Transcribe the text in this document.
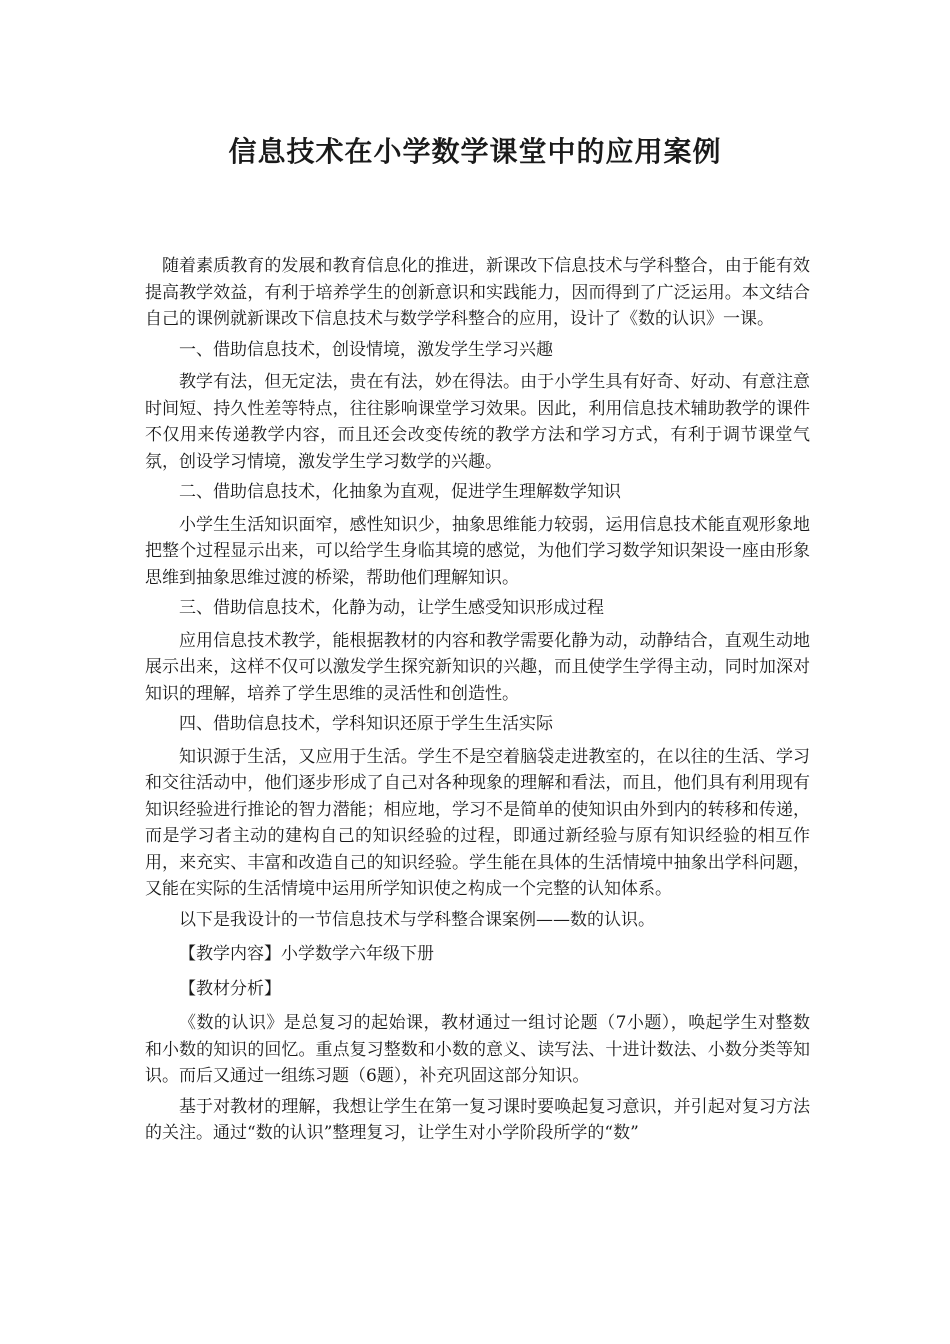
信息技术在小学数学课堂中的应用案例

随着素质教育的发展和教育信息化的推进，新课改下信息技术与学科整合，由于能有效提高教学效益，有利于培养学生的创新意识和实践能力，因而得到了广泛运用。本文结合自己的课例就新课改下信息技术与数学学科整合的应用，设计了《数的认识》一课。

一、借助信息技术，创设情境，激发学生学习兴趣

教学有法，但无定法，贵在有法，妙在得法。由于小学生具有好奇、好动、有意注意时间短、持久性差等特点，往往影响课堂学习效果。因此，利用信息技术辅助教学的课件不仅用来传递教学内容，而且还会改变传统的教学方法和学习方式，有利于调节课堂气氛，创设学习情境，激发学生学习数学的兴趣。

二、借助信息技术，化抽象为直观，促进学生理解数学知识

小学生生活知识面窄，感性知识少，抽象思维能力较弱，运用信息技术能直观形象地把整个过程显示出来，可以给学生身临其境的感觉，为他们学习数学知识架设一座由形象思维到抽象思维过渡的桥梁，帮助他们理解知识。

三、借助信息技术，化静为动，让学生感受知识形成过程

应用信息技术教学，能根据教材的内容和教学需要化静为动，动静结合，直观生动地展示出来，这样不仅可以激发学生探究新知识的兴趣，而且使学生学得主动，同时加深对知识的理解，培养了学生思维的灵活性和创造性。

四、借助信息技术，学科知识还原于学生生活实际

知识源于生活，又应用于生活。学生不是空着脑袋走进教室的，在以往的生活、学习和交往活动中，他们逐步形成了自己对各种现象的理解和看法，而且，他们具有利用现有知识经验进行推论的智力潜能；相应地，学习不是简单的使知识由外到内的转移和传递，而是学习者主动的建构自己的知识经验的过程，即通过新经验与原有知识经验的相互作用，来充实、丰富和改造自己的知识经验。学生能在具体的生活情境中抽象出学科问题，又能在实际的生活情境中运用所学知识使之构成一个完整的认知体系。

以下是我设计的一节信息技术与学科整合课案例——数的认识。

【教学内容】小学数学六年级下册

【教材分析】

《数的认识》是总复习的起始课，教材通过一组讨论题（7小题），唤起学生对整数和小数的知识的回忆。重点复习整数和小数的意义、读写法、十进计数法、小数分类等知识。而后又通过一组练习题（6题），补充巩固这部分知识。

基于对教材的理解，我想让学生在第一复习课时要唤起复习意识，并引起对复习方法的关注。通过“数的认识”整理复习，让学生对小学阶段所学的“数”
